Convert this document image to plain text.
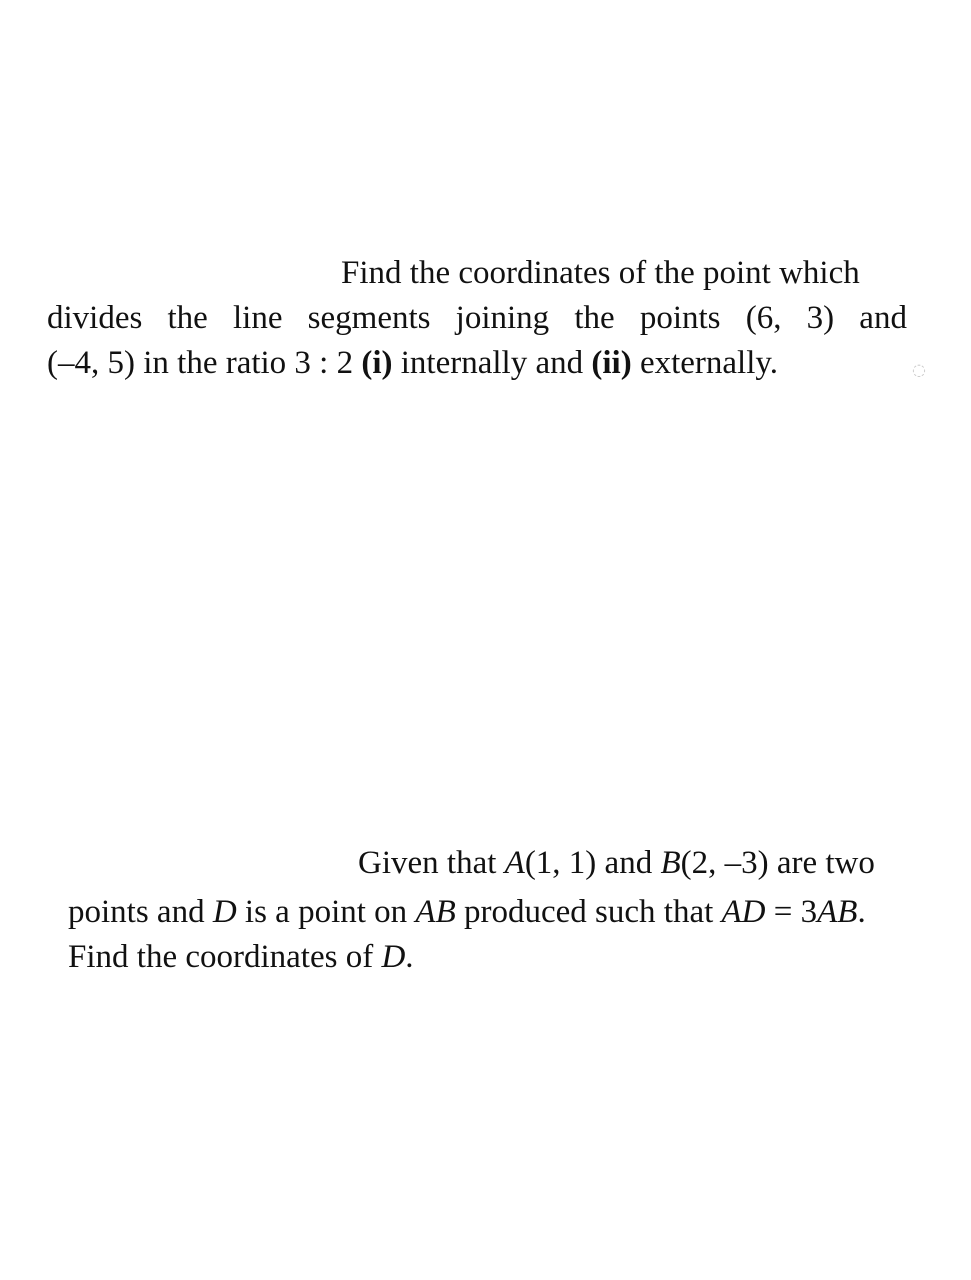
Find the coordinates of the point which
divides the line segments joining the points (6, 3) and
(–4, 5) in the ratio 3 : 2 (i) internally and (ii) externally.
Given that A(1, 1) and B(2, –3) are two
points and D is a point on AB produced such that AD = 3AB.
Find the coordinates of D.
◌
